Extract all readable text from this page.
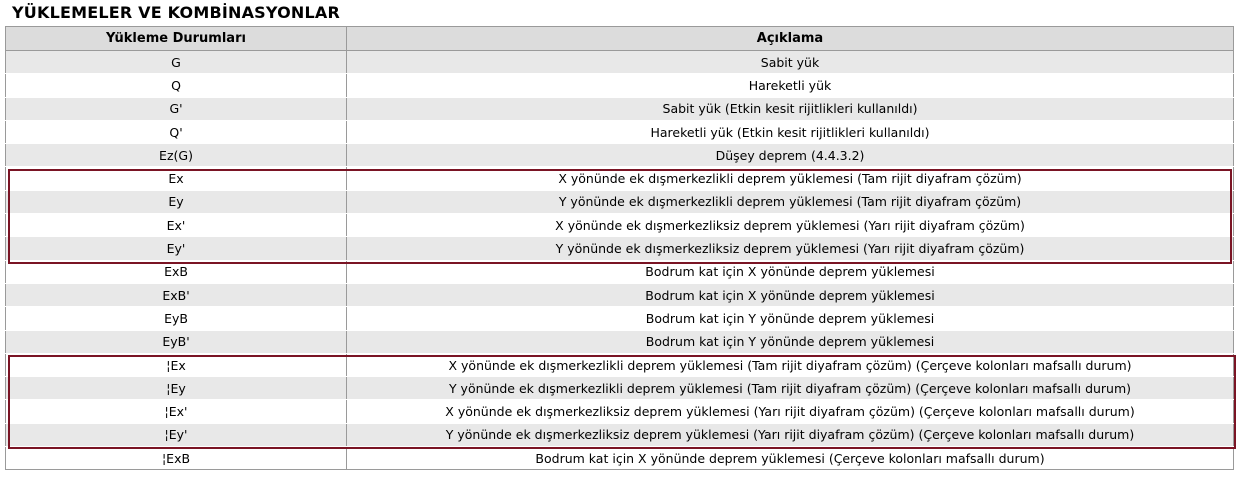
YÜKLEMELER VE KOMBİNASYONLAR
Yükleme Durumları	Açıklama
G	Sabit yük
Q	Hareketli yük
G'	Sabit yük (Etkin kesit rijitlikleri kullanıldı)
Q'	Hareketli yük (Etkin kesit rijitlikleri kullanıldı)
Ez(G)	Düşey deprem (4.4.3.2)
Ex	X yönünde ek dışmerkezlikli deprem yüklemesi (Tam rijit diyafram çözüm)
Ey	Y yönünde ek dışmerkezlikli deprem yüklemesi (Tam rijit diyafram çözüm)
Ex'	X yönünde ek dışmerkezliksiz deprem yüklemesi (Yarı rijit diyafram çözüm)
Ey'	Y yönünde ek dışmerkezliksiz deprem yüklemesi (Yarı rijit diyafram çözüm)
ExB	Bodrum kat için X yönünde deprem yüklemesi
ExB'	Bodrum kat için X yönünde deprem yüklemesi
EyB	Bodrum kat için Y yönünde deprem yüklemesi
EyB'	Bodrum kat için Y yönünde deprem yüklemesi
¦Ex	X yönünde ek dışmerkezlikli deprem yüklemesi (Tam rijit diyafram çözüm) (Çerçeve kolonları mafsallı durum)
¦Ey	Y yönünde ek dışmerkezlikli deprem yüklemesi (Tam rijit diyafram çözüm) (Çerçeve kolonları mafsallı durum)
¦Ex'	X yönünde ek dışmerkezliksiz deprem yüklemesi (Yarı rijit diyafram çözüm) (Çerçeve kolonları mafsallı durum)
¦Ey'	Y yönünde ek dışmerkezliksiz deprem yüklemesi (Yarı rijit diyafram çözüm) (Çerçeve kolonları mafsallı durum)
¦ExB	Bodrum kat için X yönünde deprem yüklemesi (Çerçeve kolonları mafsallı durum)
